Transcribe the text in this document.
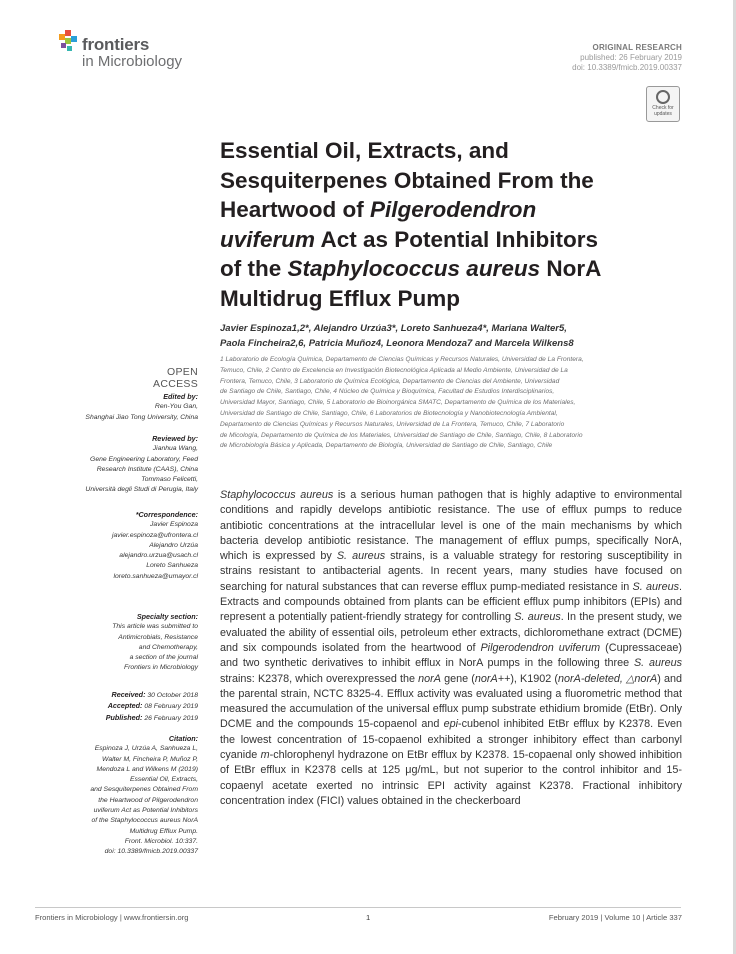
frontiers
in Microbiology
ORIGINAL RESEARCH
published: 26 February 2019
doi: 10.3389/fmicb.2019.00337
Check for
updates
Essential Oil, Extracts, and
Sesquiterpenes Obtained From the
Heartwood of Pilgerodendron
uviferum Act as Potential Inhibitors
of the Staphylococcus aureus NorA
Multidrug Efflux Pump
Javier Espinoza1,2*, Alejandro Urzúa3*, Loreto Sanhueza4*, Mariana Walter5,
Paola Fincheira2,6, Patricia Muñoz4, Leonora Mendoza7 and Marcela Wilkens8
1 Laboratorio de Ecología Química, Departamento de Ciencias Químicas y Recursos Naturales, Universidad de La Frontera,
Temuco, Chile, 2 Centro de Excelencia en Investigación Biotecnológica Aplicada al Medio Ambiente, Universidad de La
Frontera, Temuco, Chile, 3 Laboratorio de Química Ecológica, Departamento de Ciencias del Ambiente, Universidad
de Santiago de Chile, Santiago, Chile, 4 Núcleo de Química y Bioquímica, Facultad de Estudios Interdisciplinarios,
Universidad Mayor, Santiago, Chile, 5 Laboratorio de Bioinorgánica SMATC, Departamento de Química de los Materiales,
Universidad de Santiago de Chile, Santiago, Chile, 6 Laboratorios de Biotecnología y Nanobiotecnología Ambiental,
Departamento de Ciencias Químicas y Recursos Naturales, Universidad de La Frontera, Temuco, Chile, 7 Laboratorio
de Micología, Departamento de Química de los Materiales, Universidad de Santiago de Chile, Santiago, Chile, 8 Laboratorio
de Microbiología Básica y Aplicada, Departamento de Biología, Universidad de Santiago de Chile, Santiago, Chile

Staphylococcus aureus is a serious human pathogen that is highly adaptive to environmental conditions and rapidly develops antibiotic resistance. The use of efflux pumps to reduce antibiotic concentrations at the intracellular level is one of the main mechanisms by which bacteria develop antibiotic resistance. The management of efflux pumps, specifically NorA, which is expressed by S. aureus strains, is a valuable strategy for restoring susceptibility in strains resistant to antibacterial agents. In recent years, many studies have focused on searching for natural substances that can reverse efflux pump-mediated resistance in S. aureus. Extracts and compounds obtained from plants can be efficient efflux pump inhibitors (EPIs) and represent a potentially patient-friendly strategy for controlling S. aureus. In the present study, we evaluated the ability of essential oils, petroleum ether extracts, dichloromethane extract (DCME) and six compounds isolated from the heartwood of Pilgerodendron uviferum (Cupressaceae) and two synthetic derivatives to inhibit efflux in NorA pumps in the following three S. aureus strains: K2378, which overexpressed the norA gene (norA++), K1902 (norA-deleted, △norA) and the parental strain, NCTC 8325-4. Efflux activity was evaluated using a fluorometric method that measured the accumulation of the universal efflux pump substrate ethidium bromide (EtBr). Only DCME and the compounds 15-copaenol and epi-cubenol inhibited EtBr efflux by K2378. Even the lowest concentration of 15-copaenol exhibited a stronger inhibitory effect than carbonyl cyanide m-chlorophenyl hydrazone on EtBr efflux by K2378. 15-copaenal only showed inhibition of EtBr efflux in K2378 cells at 125 μg/mL, but not superior to the control inhibitor and 15-copaenyl acetate exerted no intrinsic EPI activity against K2378. Fractional inhibitory concentration index (FICI) values obtained in the checkerboard

OPEN ACCESS
Edited by:
Ren-You Gan,
Shanghai Jiao Tong University, China
Reviewed by:
Jianhua Wang,
Gene Engineering Laboratory, Feed
Research Institute (CAAS), China
Tommaso Felicetti,
Università degli Studi di Perugia, Italy
*Correspondence:
Javier Espinoza
javier.espinoza@ufrontera.cl
Alejandro Urzúa
alejandro.urzua@usach.cl
Loreto Sanhueza
loreto.sanhueza@umayor.cl
Specialty section:
This article was submitted to
Antimicrobials, Resistance
and Chemotherapy,
a section of the journal
Frontiers in Microbiology
Received: 30 October 2018
Accepted: 08 February 2019
Published: 26 February 2019
Citation:
Espinoza J, Urzúa A, Sanhueza L,
Walter M, Fincheira P, Muñoz P,
Mendoza L and Wilkens M (2019)
Essential Oil, Extracts,
and Sesquiterpenes Obtained From
the Heartwood of Pilgerodendron
uviferum Act as Potential Inhibitors
of the Staphylococcus aureus NorA
Multidrug Efflux Pump.
Front. Microbiol. 10:337.
doi: 10.3389/fmicb.2019.00337
Frontiers in Microbiology | www.frontiersin.org	1	February 2019 | Volume 10 | Article 337
